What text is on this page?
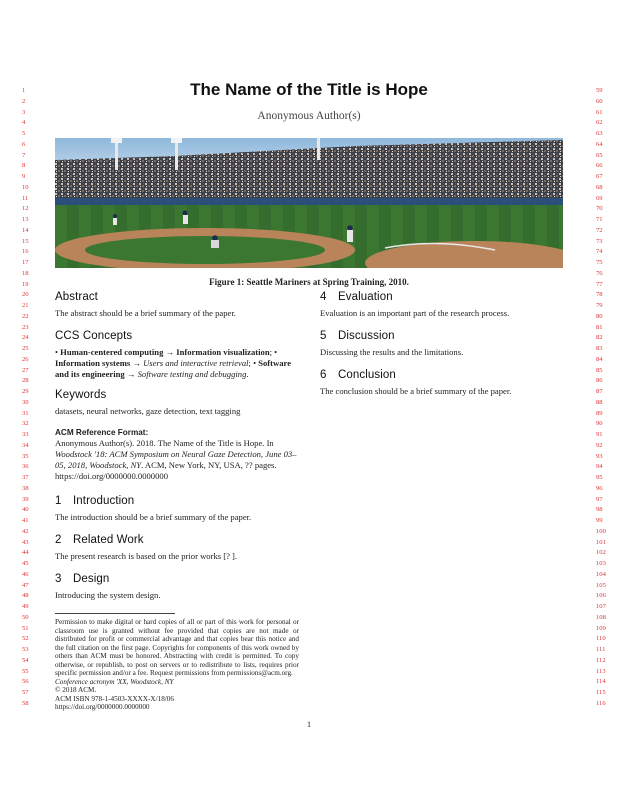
1
2
3
4
5
6
7
8
9
10
11
12
13
14
15
16
17
18
19
20
21
22
23
24
25
26
27
28
29
30
31
32
33
34
35
36
37
38
39
40
41
42
43
44
45
46
47
48
49
50
51
52
53
54
55
56
57
58
59
60
61
62
63
64
65
66
67
68
69
70
71
72
73
74
75
76
77
78
79
80
81
82
83
84
85
86
87
88
89
90
91
92
93
94
95
96
97
98
99
100
101
102
103
104
105
106
107
108
109
110
111
112
113
114
115
116
The Name of the Title is Hope
Anonymous Author(s)
Figure 1: Seattle Mariners at Spring Training, 2010.
Abstract

The abstract should be a brief summary of the paper.

CCS Concepts
• Human-centered computing → Information visualization; • Information systems → Users and interactive retrieval; • Software and its engineering → Software testing and debugging.
Keywords

datasets, neural networks, gaze detection, text tagging

ACM Reference Format:
Anonymous Author(s). 2018. The Name of the Title is Hope. In Woodstock '18: ACM Symposium on Neural Gaze Detection, June 03–05, 2018, Woodstock, NY. ACM, New York, NY, USA, ?? pages. https://doi.org/0000000.0000000
1 Introduction

The introduction should be a brief summary of the paper.

2 Related Work

The present research is based on the prior works [? ].

3 Design

Introducing the system design.

Permission to make digital or hard copies of all or part of this work for personal or classroom use is granted without fee provided that copies are not made or distributed for profit or commercial advantage and that copies bear this notice and the full citation on the first page. Copyrights for components of this work owned by others than ACM must be honored. Abstracting with credit is permitted. To copy otherwise, or republish, to post on servers or to redistribute to lists, requires prior specific permission and/or a fee. Request permissions from permissions@acm.org.

Conference acronym 'XX, Woodstock, NY

© 2018 ACM.

ACM ISBN 978-1-4503-XXXX-X/18/06

https://doi.org/0000000.0000000

4 Evaluation

Evaluation is an important part of the research process.

5 Discussion

Discussing the results and the limitations.

6 Conclusion

The conclusion should be a brief summary of the paper.

1
